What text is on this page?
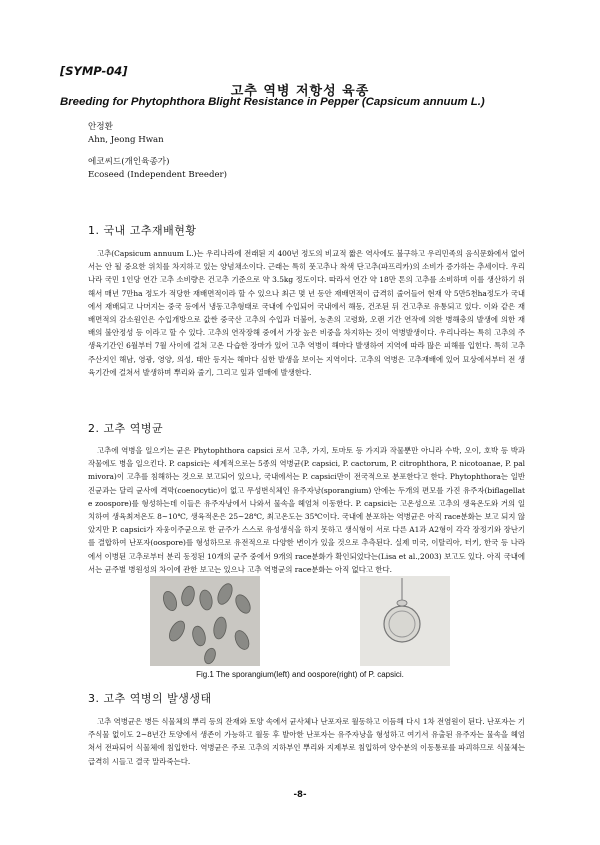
[SYMP-04]
고추 역병 저항성 육종
Breeding for Phytophthora Blight Resistance in Pepper (Capsicum annuum L.)
안정환
Ahn, Jeong Hwan
에코씨드(개인육종가)
Ecoseed (Independent Breeder)
1. 국내 고추재배현황

고추(Capsicum annuum L.)는 우리나라에 전래된 지 400년 정도의 비교적 짧은 역사에도 불구하고 우리민족의 음식문화에서 없어서는 안 될 중요한 위치를 차지하고 있는 양념채소이다. 근래는 특히 풋고추나 착색 단고추(파프리카)의 소비가 증가하는 추세이다. 우리나라 국민 1인당 연간 고추 소비량은 건고추 기준으로 약 3.5kg 정도이다. 따라서 연간 약 18만 톤의 고추를 소비하며 이를 생산하기 위해서 매년 7만ha 정도가 적당한 재배면적이라 할 수 있으나 최근 몇 년 동안 재배면적이 급격히 줄어들어 현재 약 5만5천ha정도가 국내에서 재배되고 나머지는 중국 등에서 냉동고추형태로 국내에 수입되어 국내에서 해동, 건조된 뒤 건고추로 유통되고 있다. 이와 같은 재배면적의 감소원인은 수입개방으로 값싼 중국산 고추의 수입과 더불어, 농촌의 고령화, 오랜 기간 연작에 의한 병해충의 발생에 의한 재배의 불안정성 등 이라고 할 수 있다. 고추의 연작장해 중에서 가장 높은 비중을 차지하는 것이 역병발생이다. 우리나라는 특히 고추의 주 생육기간인 6월부터 7월 사이에 걸쳐 고온 다습한 장마가 있어 고추 역병이 해마다 발생하여 지역에 따라 많은 피해를 입힌다. 특히 고추 주산지인 해남, 영광, 영양, 의성, 태안 등지는 해마다 심한 발생을 보이는 지역이다. 고추의 역병은 고추재배에 있어 묘상에서부터 전 생육기간에 걸쳐서 발생하며 뿌리와 줄기, 그리고 잎과 열매에 발생한다.

2. 고추 역병균

고추에 역병을 일으키는 균은 Phytophthora capsici 로서 고추, 가지, 토마토 등 가지과 작물뿐만 아니라 수박, 오이, 호박 등 박과작물에도 병을 일으킨다. P. capsici는 세계적으로는 5종의 역병균(P. capsici, P. cactorum, P. citrophthora, P. nicotoanae, P. palmivora)이 고추를 침해하는 것으로 보고되어 있으나, 국내에서는 P. capsici만이 전국적으로 분포한다고 한다. Phytophthora는 일반 진균과는 달리 균사에 격막(coenocytic)이 없고 무성번식체인 유주자낭(sporangium) 안에는 두개의 편모를 가진 유주자(biflagellate zoospore)를 형성하는데 이들은 유주자낭에서 나와서 물속을 헤엄쳐 이동한다. P. capsici는 고온성으로 고추의 생육온도와 거의 일치하여 생육최저온도 8~10℃, 생육적온은 25~28℃, 최고온도는 35℃이다. 국내에 분포하는 역병균은 아직 race분화는 보고 되지 않았지만 P. capsici가 자웅이주균으로 한 균주가 스스로 유성생식을 하지 못하고 생식형이 서로 다른 A1과 A2형이 각각 장정기와 장난기를 결합하여 난포자(oospore)를 형성하므로 유전적으로 다양한 변이가 있을 것으로 추측된다. 실제 미국, 이탈리아, 터키, 한국 등 나라에서 이병된 고추로부터 분리 동정된 10개의 균주 중에서 9개의 race분화가 확인되었다는(Lisa et al.,2003) 보고도 있다. 아직 국내에서는 균주별 병원성의 차이에 관한 보고는 있으나 고추 역병균의 race분화는 아직 없다고 한다.

Fig.1 The sporangium(left) and oospore(right) of P. capsici.
3. 고추 역병의 발생생태

고추 역병균은 병든 식물체의 뿌리 등의 잔재와 토양 속에서 균사체나 난포자로 월동하고 이듬해 다시 1차 전염원이 된다. 난포자는 기주식물 없이도 2~8년간 토양에서 생존이 가능하고 월동 후 발아한 난포자는 유주자낭을 형성하고 여기서 유출된 유주자는 물속을 헤엄쳐서 전파되어 식물체에 침입한다. 역병균은 주로 고추의 지하부인 뿌리와 지제부로 침입하여 양수분의 이동통로를 파괴하므로 식물체는 급격히 시들고 결국 말라죽는다.

-8-
